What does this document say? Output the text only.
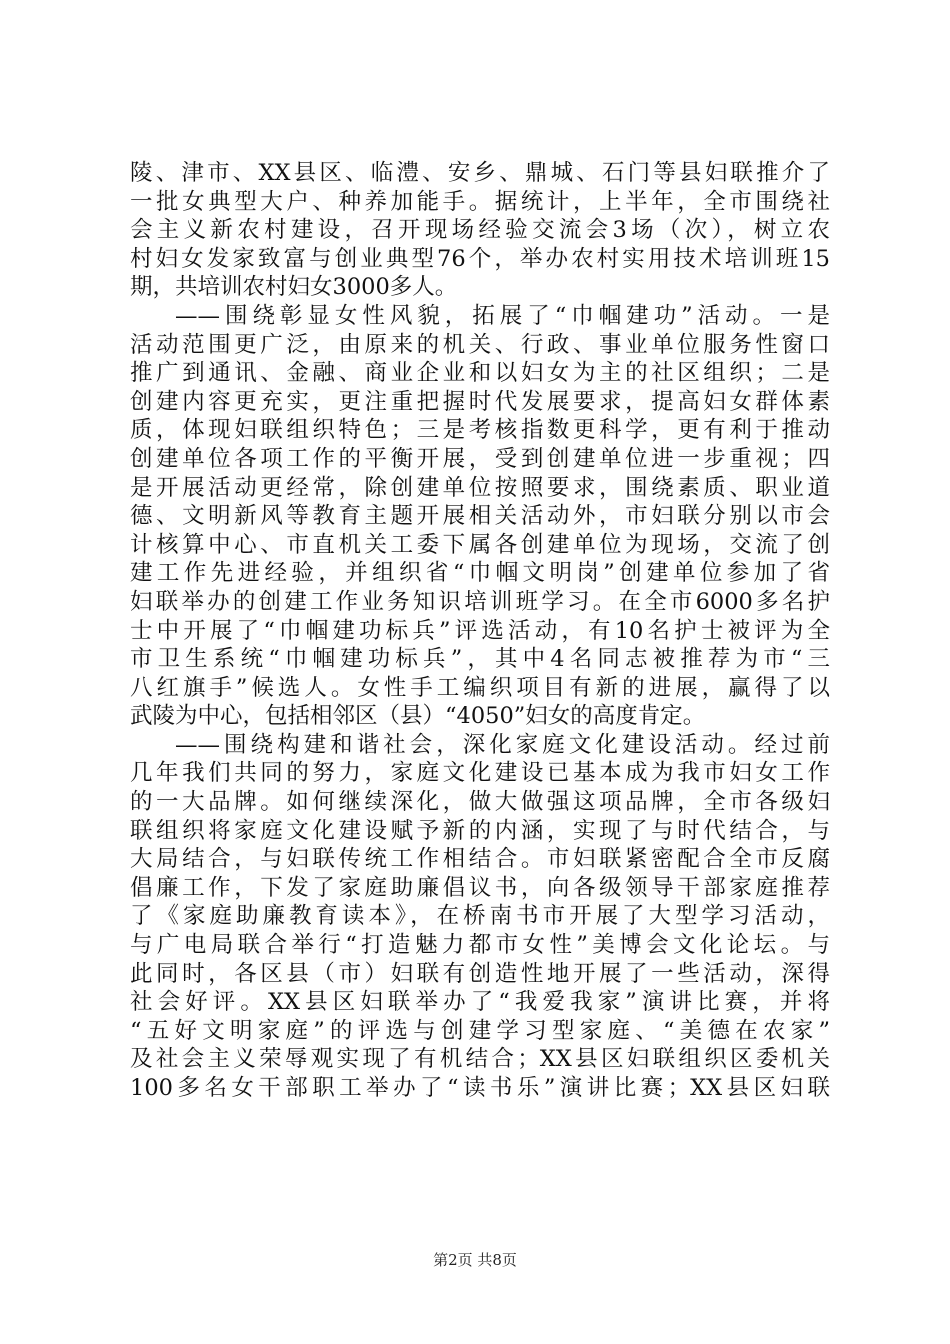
陵、津市、XX县区、临澧、安乡、鼎城、石门等县妇联推介了
一批女典型大户、种养加能手。据统计，上半年，全市围绕社
会主义新农村建设，召开现场经验交流会3场（次），树立农
村妇女发家致富与创业典型76个，举办农村实用技术培训班15
期，共培训农村妇女3000多人。
——围绕彰显女性风貌，拓展了“巾帼建功”活动。一是
活动范围更广泛，由原来的机关、行政、事业单位服务性窗口
推广到通讯、金融、商业企业和以妇女为主的社区组织；二是
创建内容更充实，更注重把握时代发展要求，提高妇女群体素
质，体现妇联组织特色；三是考核指数更科学，更有利于推动
创建单位各项工作的平衡开展，受到创建单位进一步重视；四
是开展活动更经常，除创建单位按照要求，围绕素质、职业道
德、文明新风等教育主题开展相关活动外，市妇联分别以市会
计核算中心、市直机关工委下属各创建单位为现场，交流了创
建工作先进经验，并组织省“巾帼文明岗”创建单位参加了省
妇联举办的创建工作业务知识培训班学习。在全市6000多名护
士中开展了“巾帼建功标兵”评选活动，有10名护士被评为全
市卫生系统“巾帼建功标兵”，其中4名同志被推荐为市“三
八红旗手”候选人。女性手工编织项目有新的进展，赢得了以
武陵为中心，包括相邻区（县）“4050”妇女的高度肯定。
——围绕构建和谐社会，深化家庭文化建设活动。经过前
几年我们共同的努力，家庭文化建设已基本成为我市妇女工作
的一大品牌。如何继续深化，做大做强这项品牌，全市各级妇
联组织将家庭文化建设赋予新的内涵，实现了与时代结合，与
大局结合，与妇联传统工作相结合。市妇联紧密配合全市反腐
倡廉工作，下发了家庭助廉倡议书，向各级领导干部家庭推荐
了《家庭助廉教育读本》，在桥南书市开展了大型学习活动，
与广电局联合举行“打造魅力都市女性”美博会文化论坛。与
此同时，各区县（市）妇联有创造性地开展了一些活动，深得
社会好评。XX县区妇联举办了“我爱我家”演讲比赛，并将
“五好文明家庭”的评选与创建学习型家庭、“美德在农家”
及社会主义荣辱观实现了有机结合；XX县区妇联组织区委机关
100多名女干部职工举办了“读书乐”演讲比赛；XX县区妇联
第2页 共8页
